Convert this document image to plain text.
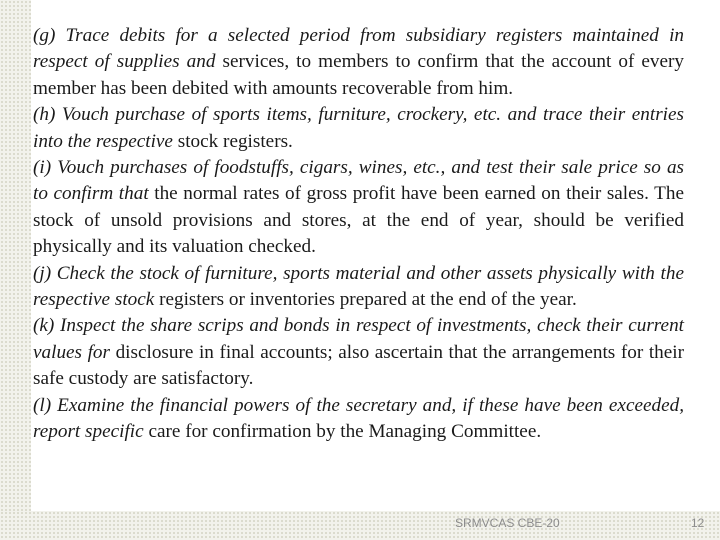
(g) Trace debits for a selected period from subsidiary registers maintained in respect of supplies and services, to members to confirm that the account of every member has been debited with amounts recoverable from him.

(h) Vouch purchase of sports items, furniture, crockery, etc. and trace their entries into the respective stock registers.

(i) Vouch purchases of foodstuffs, cigars, wines, etc., and test their sale price so as to confirm that the normal rates of gross profit have been earned on their sales. The stock of unsold provisions and stores, at the end of year, should be verified physically and its valuation checked.

(j) Check the stock of furniture, sports material and other assets physically with the respective stock registers or inventories prepared at the end of the year.

(k) Inspect the share scrips and bonds in respect of investments, check their current values for disclosure in final accounts; also ascertain that the arrangements for their safe custody are satisfactory.

(l) Examine the financial powers of the secretary and, if these have been exceeded, report specific care for confirmation by the Managing Committee.

SRMVCAS CBE-20	12
